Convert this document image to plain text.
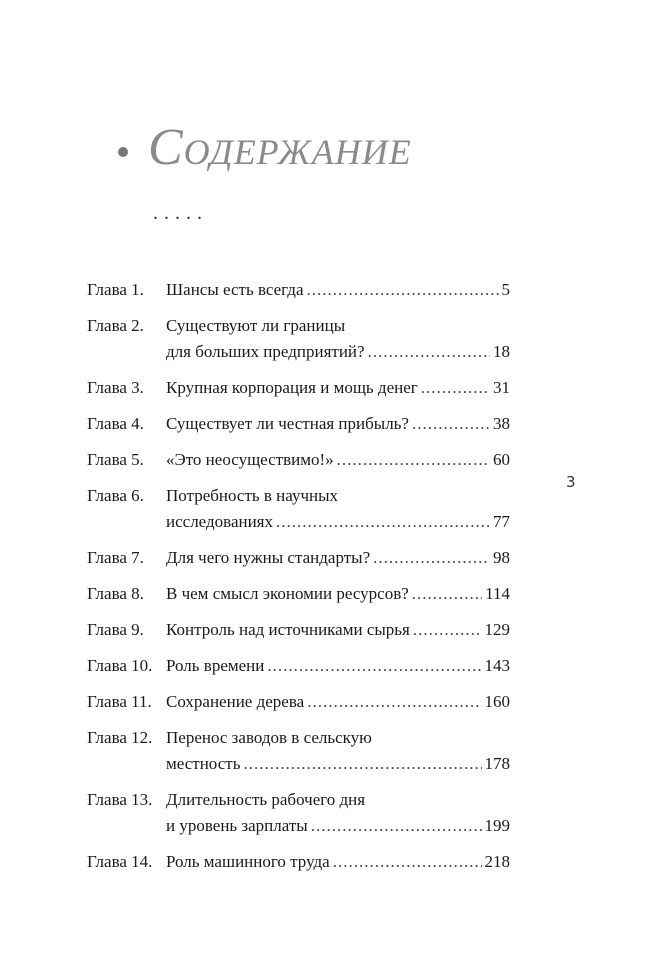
Содержание
.....
Глава 1. Шансы есть всегда .....	5
Глава 2. Существуют ли границы
для больших предприятий? .....	18
Глава 3. Крупная корпорация и мощь денег .....	31
Глава 4. Существует ли честная прибыль? .....	38
Глава 5. «Это неосуществимо!» .....	60
Глава 6. Потребность в научных
исследованиях .....	77
Глава 7. Для чего нужны стандарты? .....	98
Глава 8. В чем смысл экономии ресурсов? .....	114
Глава 9. Контроль над источниками сырья .....	129
Глава 10. Роль времени .....	143
Глава 11. Сохранение дерева .....	160
Глава 12. Перенос заводов в сельскую
местность .....	178
Глава 13. Длительность рабочего дня
и уровень зарплаты .....	199
Глава 14. Роль машинного труда .....	218
3
